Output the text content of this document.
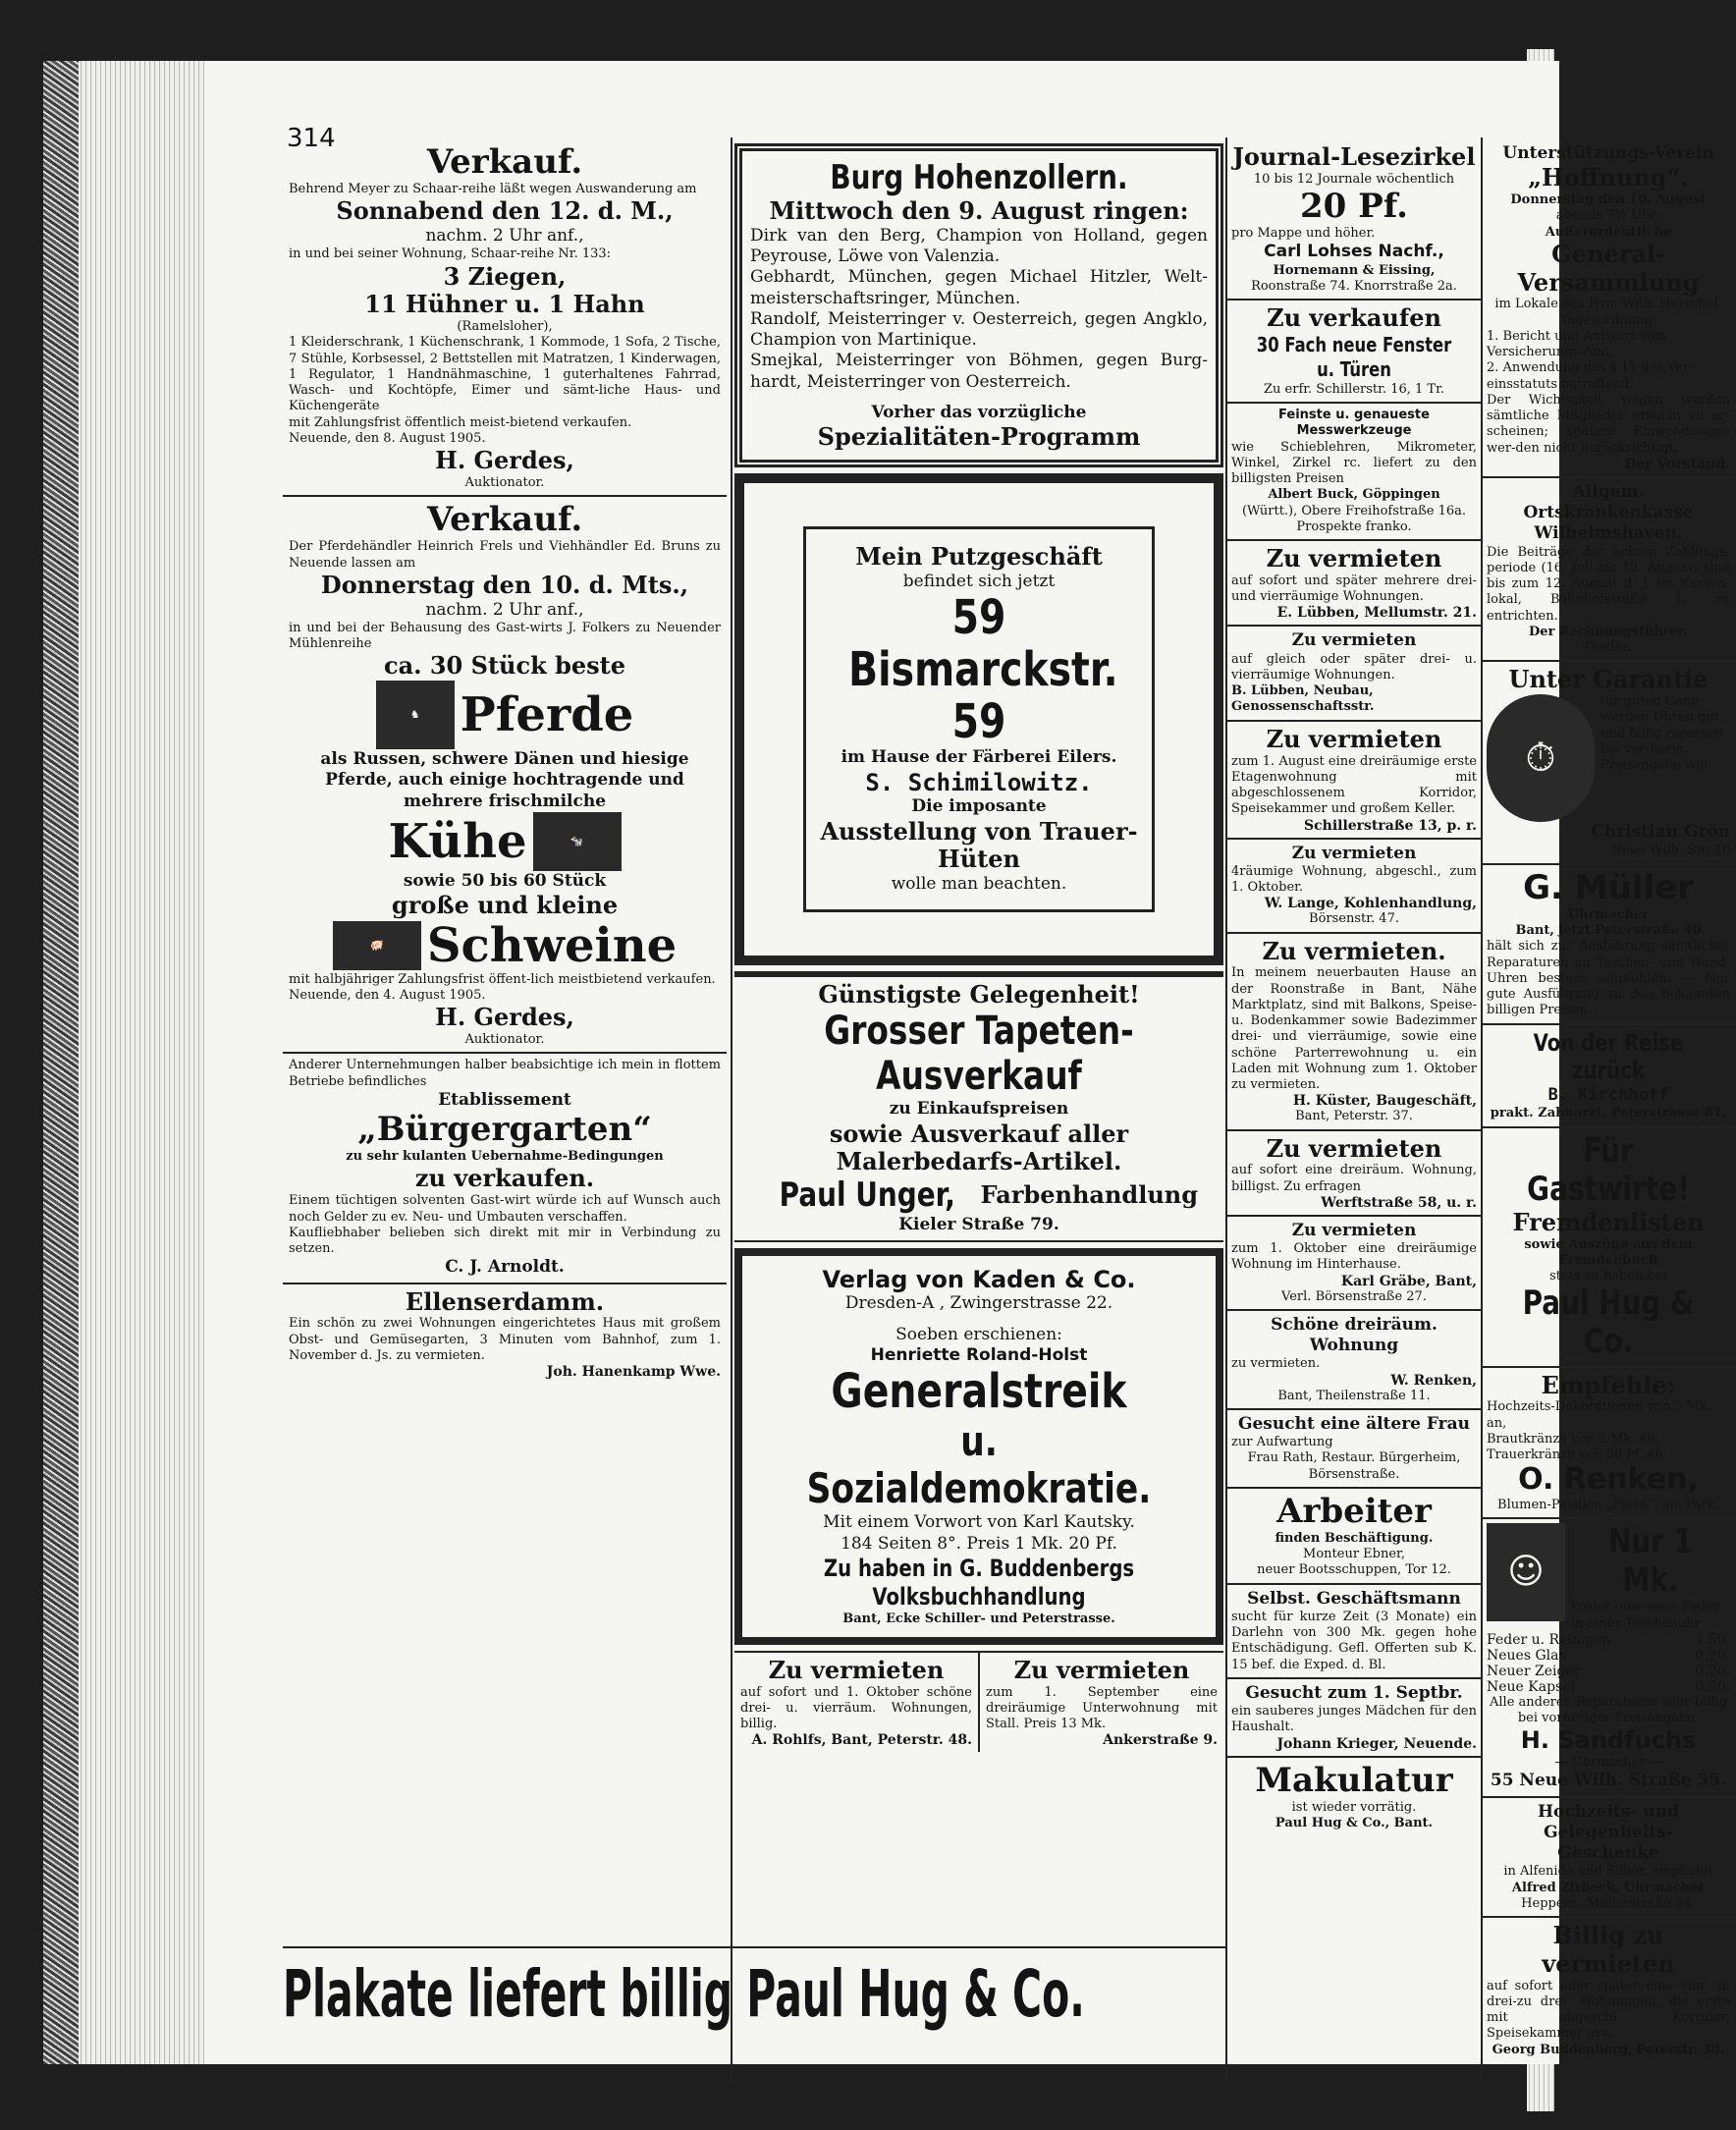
314
Verkauf.
Behrend Meyer zu Schaar-reihe läßt wegen Auswanderung am
Sonnabend den 12. d. M.,
nachm. 2 Uhr anf.,
in und bei seiner Wohnung, Schaar-reihe Nr. 133:
3 Ziegen,
11 Hühner u. 1 Hahn
(Ramelsloher),
1 Kleiderschrank, 1 Küchenschrank, 1 Kommode, 1 Sofa, 2 Tische, 7 Stühle, Korbsessel, 2 Bettstellen mit Matratzen, 1 Kinderwagen, 1 Regulator, 1 Handnähmaschine, 1 guterhaltenes Fahrrad, Wasch- und Kochtöpfe, Eimer und sämt-liche Haus- und Küchengeräte
mit Zahlungsfrist öffentlich meist-bietend verkaufen.
Neuende, den 8. August 1905.
H. Gerdes,
Auktionator.
Verkauf.
Der Pferdehändler Heinrich Frels und Viehhändler Ed. Bruns zu Neuende lassen am
Donnerstag den 10. d. Mts.,
nachm. 2 Uhr anf.,
in und bei der Behausung des Gast-wirts J. Folkers zu Neuender Mühlenreihe
ca. 30 Stück beste
♞ Pferde
als Russen, schwere Dänen und hiesige Pferde, auch einige hochtragende und mehrere frischmilche
Kühe	🐄
sowie 50 bis 60 Stück
große und kleine
🐖 Schweine
mit halbjähriger Zahlungsfrist öffent-lich meistbietend verkaufen.
Neuende, den 4. August 1905.
H. Gerdes,
Auktionator.
Anderer Unternehmungen halber beabsichtige ich mein in flottem Betriebe befindliches
Etablissement
„Bürgergarten“
zu sehr kulanten Uebernahme-Bedingungen
zu verkaufen.
Einem tüchtigen solventen Gast-wirt würde ich auf Wunsch auch noch Gelder zu ev. Neu- und Umbauten verschaffen.
Kaufliebhaber belieben sich direkt mit mir in Verbindung zu setzen.
C. J. Arnoldt.
Ellenserdamm.
Ein schön zu zwei Wohnungen eingerichtetes Haus mit großem Obst- und Gemüsegarten, 3 Minuten vom Bahnhof, zum 1. November d. Js. zu vermieten.
Joh. Hanenkamp Wwe.
Burg Hohenzollern.
Mittwoch den 9. August ringen:
Dirk van den Berg, Champion von Holland, gegen Peyrouse, Löwe von Valenzia.
Gebhardt, München, gegen Michael Hitzler, Welt-meisterschaftsringer, München.
Randolf, Meisterringer v. Oesterreich, gegen Angklo, Champion von Martinique.
Smejkal, Meisterringer von Böhmen, gegen Burg-hardt, Meisterringer von Oesterreich.
Vorher das vorzügliche
Spezialitäten-Programm
Mein Putzgeschäft
befindet sich jetzt
59 Bismarckstr. 59
im Hause der Färberei Eilers.
S. Schimilowitz.
Die imposante
Ausstellung von Trauer-Hüten
wolle man beachten.
Günstigste Gelegenheit!
Grosser Tapeten-Ausverkauf
zu Einkaufspreisen
sowie Ausverkauf aller Malerbedarfs-Artikel.
Paul Unger, Farbenhandlung
Kieler Straße 79.
Verlag von Kaden & Co.
Dresden-A , Zwingerstrasse 22.
Soeben erschienen:
Henriette Roland-Holst
Generalstreik
u. Sozialdemokratie.
Mit einem Vorwort von Karl Kautsky.
184 Seiten 8°. Preis 1 Mk. 20 Pf.
Zu haben in G. Buddenbergs Volksbuchhandlung
Bant, Ecke Schiller- und Peterstrasse.
Zu vermieten
auf sofort und 1. Oktober schöne drei- u. vierräum. Wohnungen, billig.
A. Rohlfs, Bant, Peterstr. 48.
Zu vermieten
zum 1. September eine dreiräumige Unterwohnung mit Stall. Preis 13 Mk.
Ankerstraße 9.
Journal-Lesezirkel
10 bis 12 Journale wöchentlich
20 Pf.
pro Mappe und höher.
Carl Lohses Nachf.,
Hornemann & Eissing,
Roonstraße 74. Knorrstraße 2a.
Zu verkaufen
30 Fach neue Fenster u. Türen
Zu erfr. Schillerstr. 16, 1 Tr.
Feinste u. genaueste Messwerkzeuge
wie Schieblehren, Mikrometer, Winkel, Zirkel rc. liefert zu den billigsten Preisen
Albert Buck, Göppingen
(Württ.), Obere Freihofstraße 16a.
Prospekte franko.
Zu vermieten
auf sofort und später mehrere drei- und vierräumige Wohnungen.
E. Lübben, Mellumstr. 21.
Zu vermieten
auf gleich oder später drei- u. vierräumige Wohnungen.
B. Lübben, Neubau, Genossenschaftsstr.
Zu vermieten
zum 1. August eine dreiräumige erste Etagenwohnung mit abgeschlossenem Korridor, Speisekammer und großem Keller.
Schillerstraße 13, p. r.
Zu vermieten
4räumige Wohnung, abgeschl., zum 1. Oktober.
W. Lange, Kohlenhandlung,
Börsenstr. 47.
Zu vermieten.
In meinem neuerbauten Hause an der Roonstraße in Bant, Nähe Marktplatz, sind mit Balkons, Speise- u. Bodenkammer sowie Badezimmer drei- und vierräumige, sowie eine schöne Parterrewohnung u. ein Laden mit Wohnung zum 1. Oktober zu vermieten.
H. Küster, Baugeschäft,
Bant, Peterstr. 37.
Zu vermieten
auf sofort eine dreiräum. Wohnung, billigst. Zu erfragen
Werftstraße 58, u. r.
Zu vermieten
zum 1. Oktober eine dreiräumige Wohnung im Hinterhause.
Karl Gräbe, Bant,
Verl. Börsenstraße 27.
Schöne dreiräum. Wohnung
zu vermieten.
W. Renken,
Bant, Theilenstraße 11.
Gesucht eine ältere Frau
zur Aufwartung
Frau Rath, Restaur. Bürgerheim,
Börsenstraße.
Arbeiter
finden Beschäftigung.
Monteur Ebner,
neuer Bootsschuppen, Tor 12.
Selbst. Geschäftsmann
sucht für kurze Zeit (3 Monate) ein Darlehn von 300 Mk. gegen hohe Entschädigung. Gefl. Offerten sub K. 15 bef. die Exped. d. Bl.
Gesucht zum 1. Septbr.
ein sauberes junges Mädchen für den Haushalt.
Johann Krieger, Neuende.
Makulatur
ist wieder vorrätig.
Paul Hug & Co., Bant.
Unterstützungs-Verein
„Hoffnung“.
Donnerstag den 10. August
abends 7½ Uhr:
Außerordentliche
General-Versammlung
im Lokale des Hrn. Wilh. Herschel.
Tagesordnung:
1. Bericht und Antwort vom Versicherungs-Amt,
2. Anwendung des § 11 des Ver-einsstatuts betreffend.
Der Wichtigkeit wegen werden sämtliche Mitglieder ersucht zu er-scheinen; spätere Einwendungen wer-den nicht berücksichtigt.
Der Vorstand.
Allgem. Ortskrankenkasse
Wilhelmshaven.
Die Beiträge der achten Zahlungs-periode (16. Juli bis 12. August) sind bis zum 12. August d. J. im Kassen-lokal, Bahnhofstraße 1, zu entrichten.
Der Rechnungsführer.
Thaden.
Unter Garantie
⏱
für guten Gang werden Uhren gut und billig repariert bei vor-herig. Preisangabe von
Christian Grön
Neue Wilh.-Str. 10
G. Müller
Uhrmacher
Bant, jetzt Peterstraße 40
hält sich zur Ausführung sämtlicher Reparaturen an Taschen- und Wand-Uhren bestens empfohlen. — Nur gute Ausführung zu den bekannten billigen Preisen.
Von der Reise zurück
B. Kirchhoff
prakt. Zahnarzt, Peterstrasse 81.
Für Gastwirte!
Fremdenlisten
sowie Auszüge aus dem Fremdenbuch
stets zu haben bei
Paul Hug & Co.
Empfehle:
Hochzeits-Dekorationen von 5 Mk. an,
Brautkränze von 2 Mk. an,
Trauerkränze von 50 Pf. an.
O. Renken,
Blumen-Pavillon „Flora“, am Park.
☺
Nur 1 Mk.
kostet eine neue Feder in einer Taschenuhr
Feder u. Reinigen	1.50.
Neues Glas	0.20.
Neuer Zeiger	0.20.
Neue Kapsel	0.20.
Alle anderen Reparaturen sehr billig bei vorheriger Preisangabe.
H. Sandfuchs
— Uhrmacher —
55 Neue Wilh. Straße 55.
Hochzeits- und Gelegenheits-
Geschenke
in Alfenide und Silber, empfiehlt
Alfred Zirbeck, Uhrmacher
Heppens, Müllerstraße 34.
Billig zu vermieten
auf sofort oder später eine vier- u. drei-zu drei- Wohnungen, die erste mit abgeschl. Korridor, Speisekammer usw.
Georg Buddenberg, Peterstr. 30.
Plakate liefert billig Paul Hug & Co.
